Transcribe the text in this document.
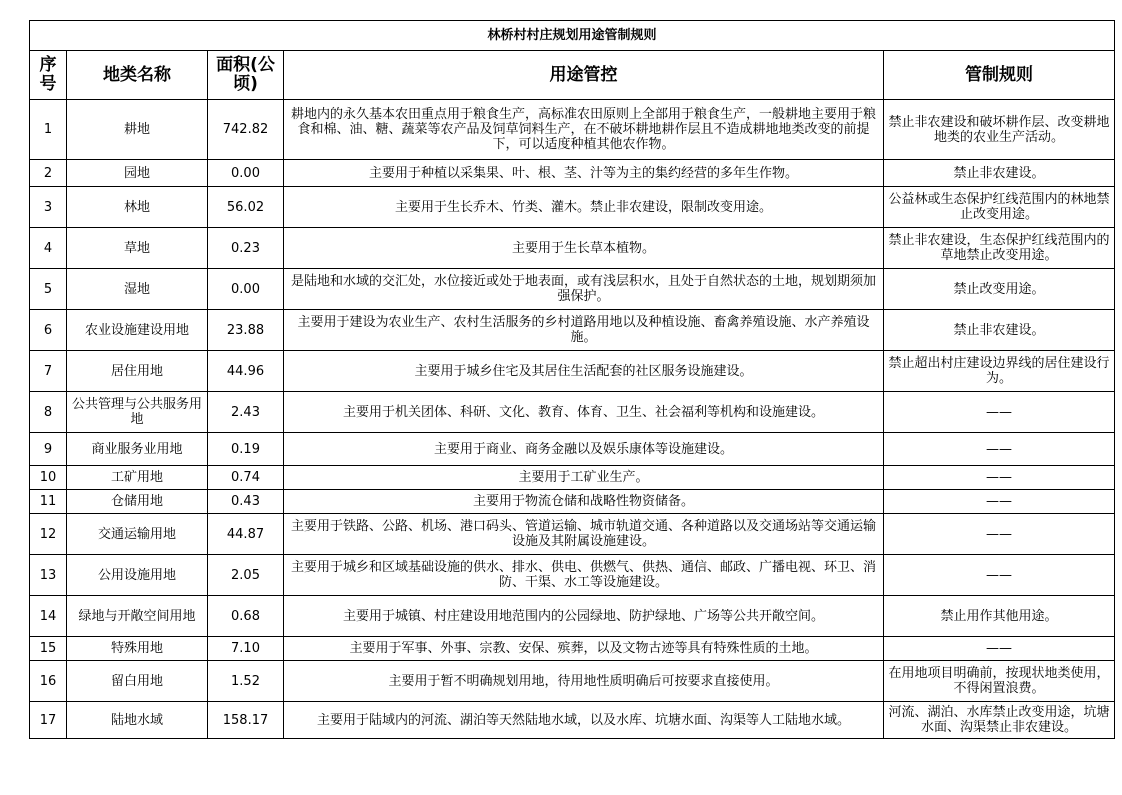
林桥村村庄规划用途管制规则				
序号	地类名称	面积(公顷)	用途管控	管制规则
1	耕地	742.82	耕地内的永久基本农田重点用于粮食生产，高标准农田原则上全部用于粮食生产，一般耕地主要用于粮食和棉、油、糖、蔬菜等农产品及饲草饲料生产，在不破坏耕地耕作层且不造成耕地地类改变的前提下，可以适度种植其他农作物。	禁止非农建设和破坏耕作层、改变耕地地类的农业生产活动。
2	园地	0.00	主要用于种植以采集果、叶、根、茎、汁等为主的集约经营的多年生作物。	禁止非农建设。
3	林地	56.02	主要用于生长乔木、竹类、灌木。禁止非农建设，限制改变用途。	公益林或生态保护红线范围内的林地禁止改变用途。
4	草地	0.23	主要用于生长草本植物。	禁止非农建设，生态保护红线范围内的草地禁止改变用途。
5	湿地	0.00	是陆地和水域的交汇处，水位接近或处于地表面，或有浅层积水，且处于自然状态的土地，规划期须加强保护。	禁止改变用途。
6	农业设施建设用地	23.88	主要用于建设为农业生产、农村生活服务的乡村道路用地以及种植设施、畜禽养殖设施、水产养殖设施。	禁止非农建设。
7	居住用地	44.96	主要用于城乡住宅及其居住生活配套的社区服务设施建设。	禁止超出村庄建设边界线的居住建设行为。
8	公共管理与公共服务用地	2.43	主要用于机关团体、科研、文化、教育、体育、卫生、社会福利等机构和设施建设。	——
9	商业服务业用地	0.19	主要用于商业、商务金融以及娱乐康体等设施建设。	——
10	工矿用地	0.74	主要用于工矿业生产。	——
11	仓储用地	0.43	主要用于物流仓储和战略性物资储备。	——
12	交通运输用地	44.87	主要用于铁路、公路、机场、港口码头、管道运输、城市轨道交通、各种道路以及交通场站等交通运输设施及其附属设施建设。	——
13	公用设施用地	2.05	主要用于城乡和区域基础设施的供水、排水、供电、供燃气、供热、通信、邮政、广播电视、环卫、消防、干渠、水工等设施建设。	——
14	绿地与开敞空间用地	0.68	主要用于城镇、村庄建设用地范围内的公园绿地、防护绿地、广场等公共开敞空间。	禁止用作其他用途。
15	特殊用地	7.10	主要用于军事、外事、宗教、安保、殡葬，以及文物古迹等具有特殊性质的土地。	——
16	留白用地	1.52	主要用于暂不明确规划用地，待用地性质明确后可按要求直接使用。	在用地项目明确前，按现状地类使用，不得闲置浪费。
17	陆地水域	158.17	主要用于陆域内的河流、湖泊等天然陆地水域，以及水库、坑塘水面、沟渠等人工陆地水域。	河流、湖泊、水库禁止改变用途，坑塘水面、沟渠禁止非农建设。
